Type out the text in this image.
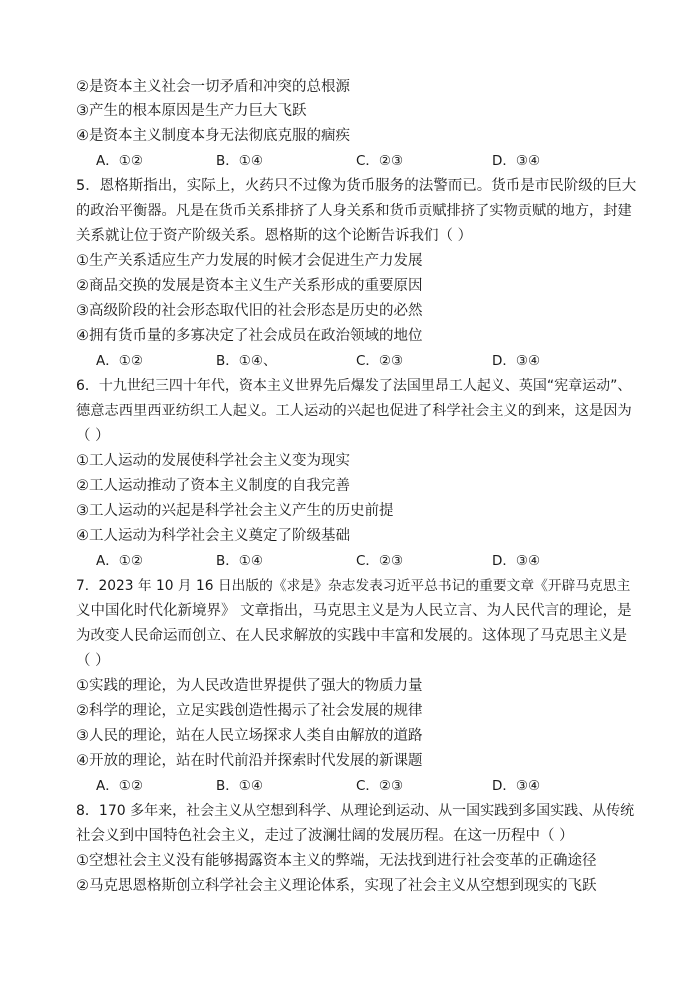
②是资本主义社会一切矛盾和冲突的总根源
③产生的根本原因是生产力巨大飞跃
④是资本主义制度本身无法彻底克服的痼疾
A．①②	B．①④	C．②③	D．③④
5．恩格斯指出，实际上，火药只不过像为货币服务的法警而已。货币是市民阶级的巨大
的政治平衡器。凡是在货币关系排挤了人身关系和货币贡赋排挤了实物贡赋的地方，封建
关系就让位于资产阶级关系。恩格斯的这个论断告诉我们（ ）
①生产关系适应生产力发展的时候才会促进生产力发展
②商品交换的发展是资本主义生产关系形成的重要原因
③高级阶段的社会形态取代旧的社会形态是历史的必然
④拥有货币量的多寡决定了社会成员在政治领域的地位
A．①②	B．①④、	C．②③	D．③④
6．十九世纪三四十年代，资本主义世界先后爆发了法国里昂工人起义、英国“宪章运动”、
德意志西里西亚纺织工人起义。工人运动的兴起也促进了科学社会主义的到来，这是因为
（ ）
①工人运动的发展使科学社会主义变为现实
②工人运动推动了资本主义制度的自我完善
③工人运动的兴起是科学社会主义产生的历史前提
④工人运动为科学社会主义奠定了阶级基础
A．①②	B．①④	C．②③	D．③④
7．2023 年 10 月 16 日出版的《求是》杂志发表习近平总书记的重要文章《开辟马克思主
义中国化时代化新境界》 文章指出，马克思主义是为人民立言、为人民代言的理论，是
为改变人民命运而创立、在人民求解放的实践中丰富和发展的。这体现了马克思主义是
（ ）
①实践的理论，为人民改造世界提供了强大的物质力量
②科学的理论，立足实践创造性揭示了社会发展的规律
③人民的理论，站在人民立场探求人类自由解放的道路
④开放的理论，站在时代前沿并探索时代发展的新课题
A．①②	B．①④	C．②③	D．③④
8．170 多年来，社会主义从空想到科学、从理论到运动、从一国实践到多国实践、从传统
社会义到中国特色社会主义，走过了波澜壮阔的发展历程。在这一历程中（ ）
①空想社会主义没有能够揭露资本主义的弊端，无法找到进行社会变革的正确途径
②马克思恩格斯创立科学社会主义理论体系，实现了社会主义从空想到现实的飞跃
